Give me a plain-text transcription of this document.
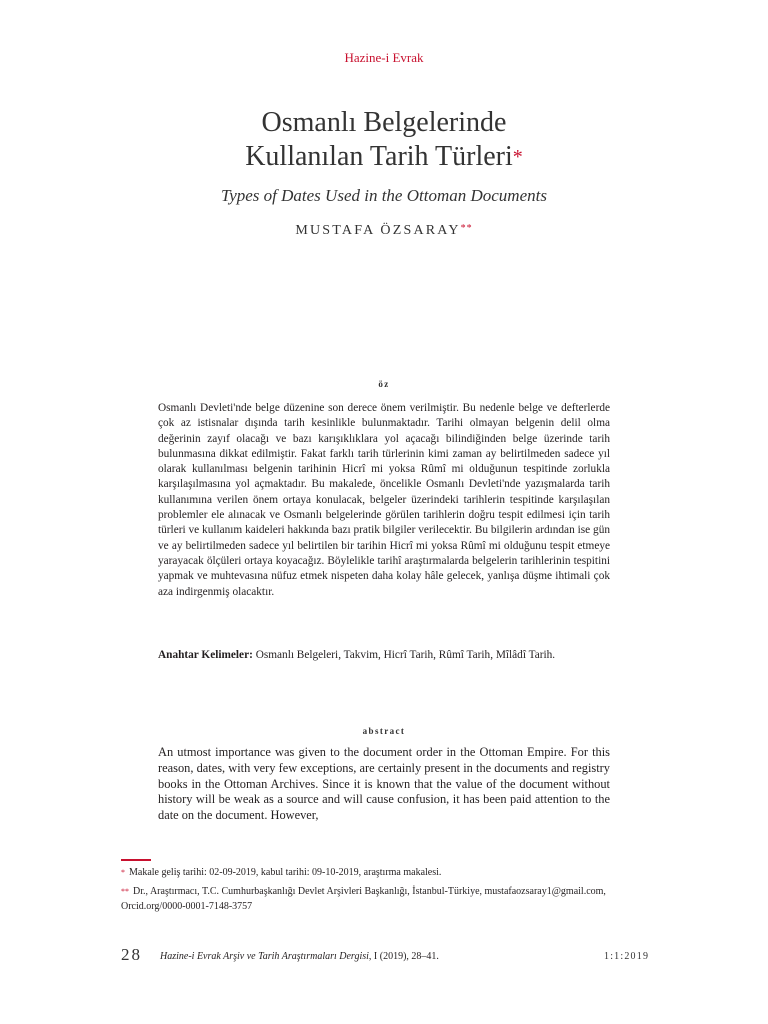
Hazine-i Evrak
Osmanlı Belgelerinde
Kullanılan Tarih Türleri*
Types of Dates Used in the Ottoman Documents
MUSTAFA ÖZSARAY**
öz
Osmanlı Devleti'nde belge düzenine son derece önem verilmiştir. Bu nedenle belge ve defterlerde çok az istisnalar dışında tarih kesinlikle bulunmaktadır. Tarihi olmayan belgenin delil olma değerinin zayıf olacağı ve bazı karışıklıklara yol açacağı bilindiğinden belge üzerinde tarih bulunmasına dikkat edilmiştir. Fakat farklı tarih türlerinin kimi zaman ay belirtilmeden sadece yıl olarak kullanılması belgenin tarihinin Hicrî mi yoksa Rûmî mi olduğunun tespitinde zorlukla karşılaşılmasına yol açmaktadır. Bu makalede, öncelikle Osmanlı Devleti'nde yazışmalarda tarih kullanımına verilen önem ortaya konulacak, belgeler üzerindeki tarihlerin tespitinde karşılaşılan problemler ele alınacak ve Osmanlı belgelerinde görülen tarihlerin doğru tespit edilmesi için tarih türleri ve kullanım kaideleri hakkında bazı pratik bilgiler verilecektir. Bu bilgilerin ardından ise gün ve ay belirtilmeden sadece yıl belirtilen bir tarihin Hicrî mi yoksa Rûmî mi olduğunu tespit etmeye yarayacak ölçüleri ortaya koyacağız. Böylelikle tarihî araştırmalarda belgelerin tarihlerinin tespitini yapmak ve muhtevasına nüfuz etmek nispeten daha kolay hâle gelecek, yanlışa düşme ihtimali çok aza indirgenmiş olacaktır.
Anahtar Kelimeler: Osmanlı Belgeleri, Takvim, Hicrî Tarih, Rûmî Tarih, Mîlâdî Tarih.
abstract
An utmost importance was given to the document order in the Ottoman Empire. For this reason, dates, with very few exceptions, are certainly present in the documents and registry books in the Ottoman Archives. Since it is known that the value of the document without history will be weak as a source and will cause confusion, it has been paid attention to the date on the document. However,
* Makale geliş tarihi: 02-09-2019, kabul tarihi: 09-10-2019, araştırma makalesi.
** Dr., Araştırmacı, T.C. Cumhurbaşkanlığı Devlet Arşivleri Başkanlığı, İstanbul-Türkiye, mustafaozsaray1@gmail.com, Orcid.org/0000-0001-7148-3757
28 Hazine-i Evrak Arşiv ve Tarih Araştırmaları Dergisi, I (2019), 28–41.	1:1:2019
